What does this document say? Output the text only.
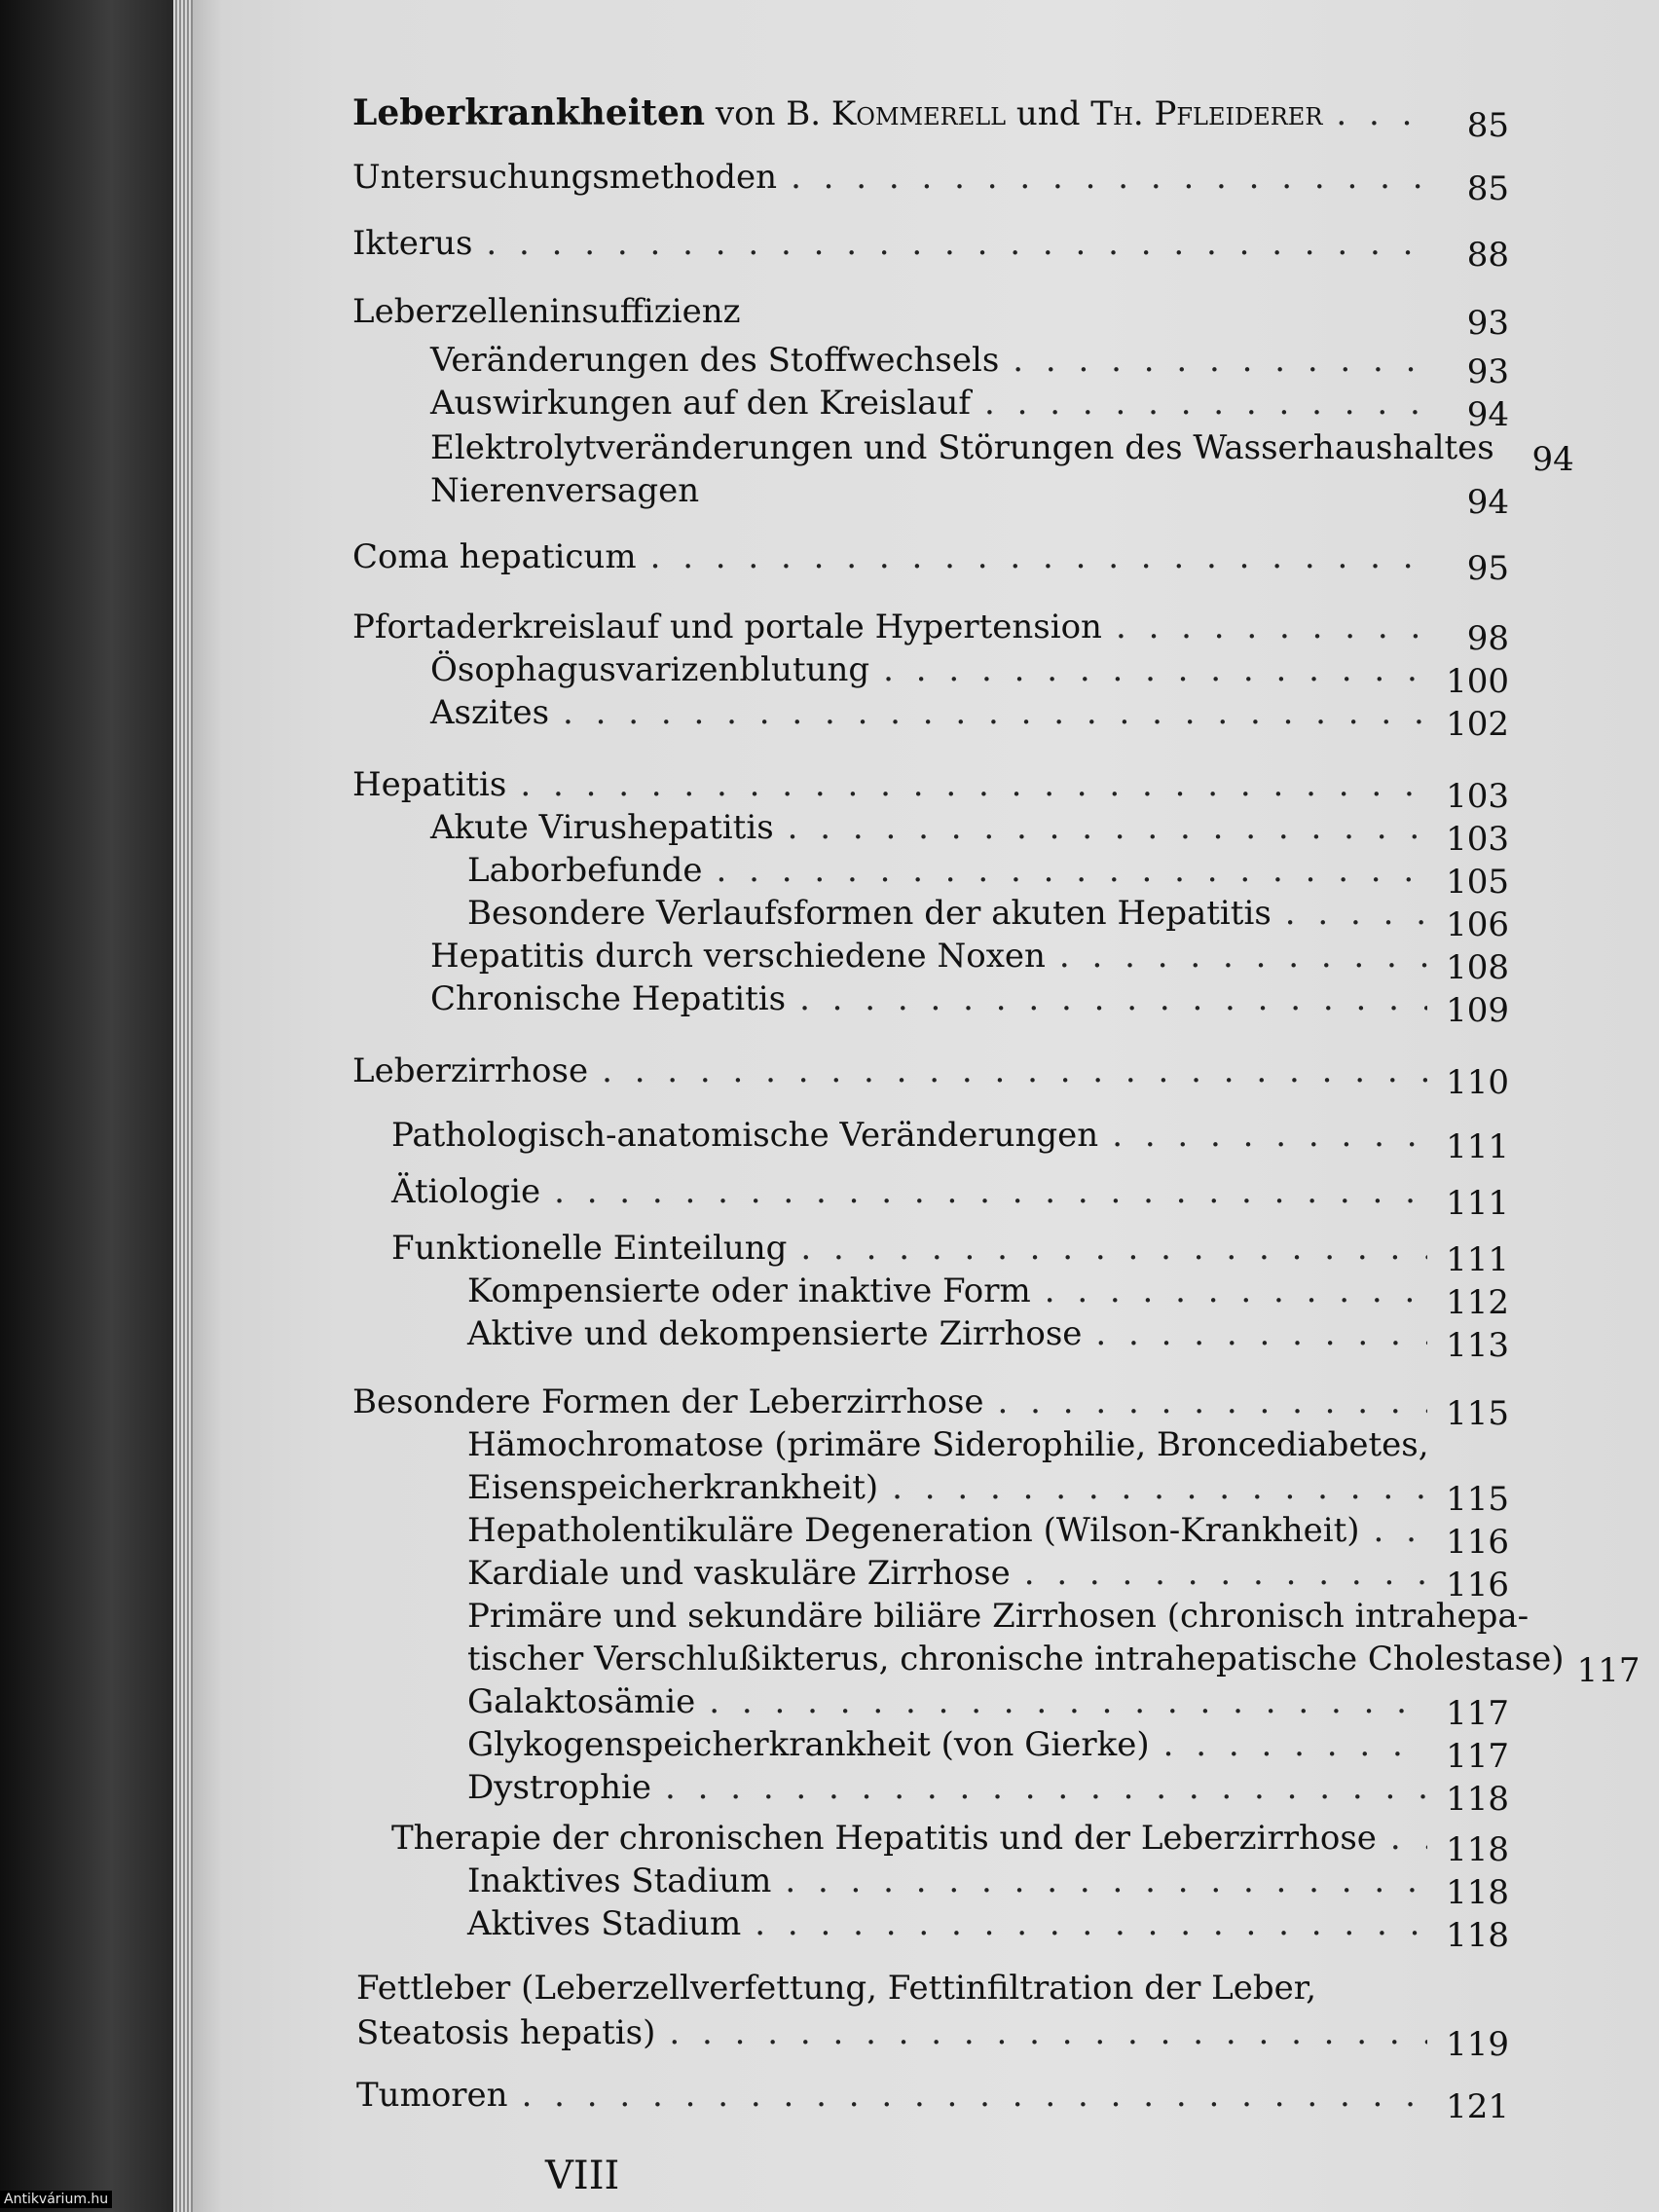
Leberkrankheiten von B. Kommerell und Th. Pfleiderer . . .	85
Untersuchungsmethoden . . .	85
Ikterus . . .	88
Leberzelleninsuffizienz	93
Veränderungen des Stoffwechsels . . .	93
Auswirkungen auf den Kreislauf . . .	94
Elektrolytveränderungen und Störungen des Wasserhaushaltes	94
Nierenversagen	94
Coma hepaticum . . .	95
Pfortaderkreislauf und portale Hypertension . . .	98
Ösophagusvarizenblutung . . .	100
Aszites . . .	102
Hepatitis . . .	103
Akute Virushepatitis . . .	103
Laborbefunde . . .	105
Besondere Verlaufsformen der akuten Hepatitis . . .	106
Hepatitis durch verschiedene Noxen . . .	108
Chronische Hepatitis . . .	109
Leberzirrhose . . .	110
Pathologisch-anatomische Veränderungen . . .	111
Ätiologie . . .	111
Funktionelle Einteilung . . .	111
Kompensierte oder inaktive Form . . .	112
Aktive und dekompensierte Zirrhose . . .	113
Besondere Formen der Leberzirrhose . . .	115
Hämochromatose (primäre Siderophilie, Broncediabetes,
Eisenspeicherkrankheit) . . .	115
Hepatholentikuläre Degeneration (Wilson-Krankheit) . . .	116
Kardiale und vaskuläre Zirrhose . . .	116
Primäre und sekundäre biliäre Zirrhosen (chronisch intrahepa-
tischer Verschlußikterus, chronische intrahepatische Cholestase) 117
Galaktosämie . . .	117
Glykogenspeicherkrankheit (von Gierke) . . .	117
Dystrophie . . .	118
Therapie der chronischen Hepatitis und der Leberzirrhose . . . 118
Inaktives Stadium . . .	118
Aktives Stadium . . .	118
Fettleber (Leberzellverfettung, Fettinfiltration der Leber,
Steatosis hepatis) . . .	119
Tumoren . . .	121
VIII
Antikvárium.hu
